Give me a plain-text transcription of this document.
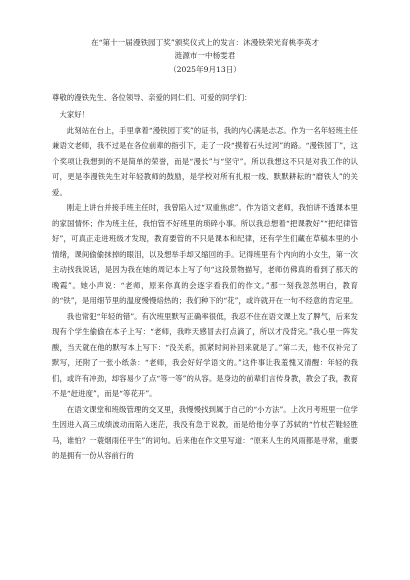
在“第十一届漫铁园丁奖”颁奖仪式上的发言：沐漫铁荣光育桃李英才
涟源市一中杨雯君
（2025年9月13日）
尊敬的漫铁先生、各位领导、亲爱的同仁们、可爱的同学们：

大家好！

此刻站在台上，手里拿着“漫铁园丁奖”的证书，我的内心满是忐忑。作为一名年轻班主任兼语文老师，我不过是在各位前辈的指引下，走了一段“摸着石头过河”的路。“漫铁园丁”，这个奖项让我想到的不是简单的荣誉，而是“漫长”与“坚守”。所以我想这不只是对我工作的认可，更是李漫铁先生对年轻教师的鼓励，是学校对所有扎根一线、默默耕耘的“磨铁人”的关爱。

刚走上讲台并接手班主任时，我曾陷入过“双重焦虑”。作为语文老师，我怕讲不透课本里的家国情怀；作为班主任，我怕管不好班里的琐碎小事。所以我总想着“把课教好”“把纪律管好”，可真正走进班级才发现，教育要管的不只是课本和纪律，还有学生们藏在草稿本里的小情绪，课间偷偷抹掉的眼泪，以及想举手却又缩回的手。记得班里有个内向的小女生，第一次主动找我说话，是因为我在她的周记本上写了句“这段景物描写，老师仿佛真的看到了那天的晚霞”。她小声说：“老师，原来你真的会逐字看我们的作文。”那一刻我忽然明白，教育的“铁”，是用细节里的温度慢慢焙热的；我们种下的“花”，或许就开在一句不经意的肯定里。

我也常犯“年轻的错”。有次班里默写正确率很低，我忍不住在语文课上发了脾气，后来发现有个学生偷偷在本子上写：“老师，我昨天感冒去打点滴了，所以才没背完。”我心里一阵发酸，当天就在他的默写本上写下：“没关系，抓紧时间补回来就是了。”第二天，他不仅补完了默写，还附了一张小纸条：“老师，我会好好学语文的。”这件事让我羞愧又清醒：年轻的我们，或许有冲劲，却容易少了点“等一等”的从容。是身边的前辈们言传身教，教会了我，教育不是“赶进度”，而是“等花开”。

在语文课堂和班级管理的交叉里，我慢慢找到属于自己的“小方法”。上次月考班里一位学生因进入高三成绩波动而陷入迷茫，我没有急于说教，而是给他分享了苏轼的“竹杖芒鞋轻胜马，谁怕？一蓑烟雨任平生”的词句。后来他在作文里写道：“原来人生的风雨都是寻常，重要的是拥有一份从容前行的
